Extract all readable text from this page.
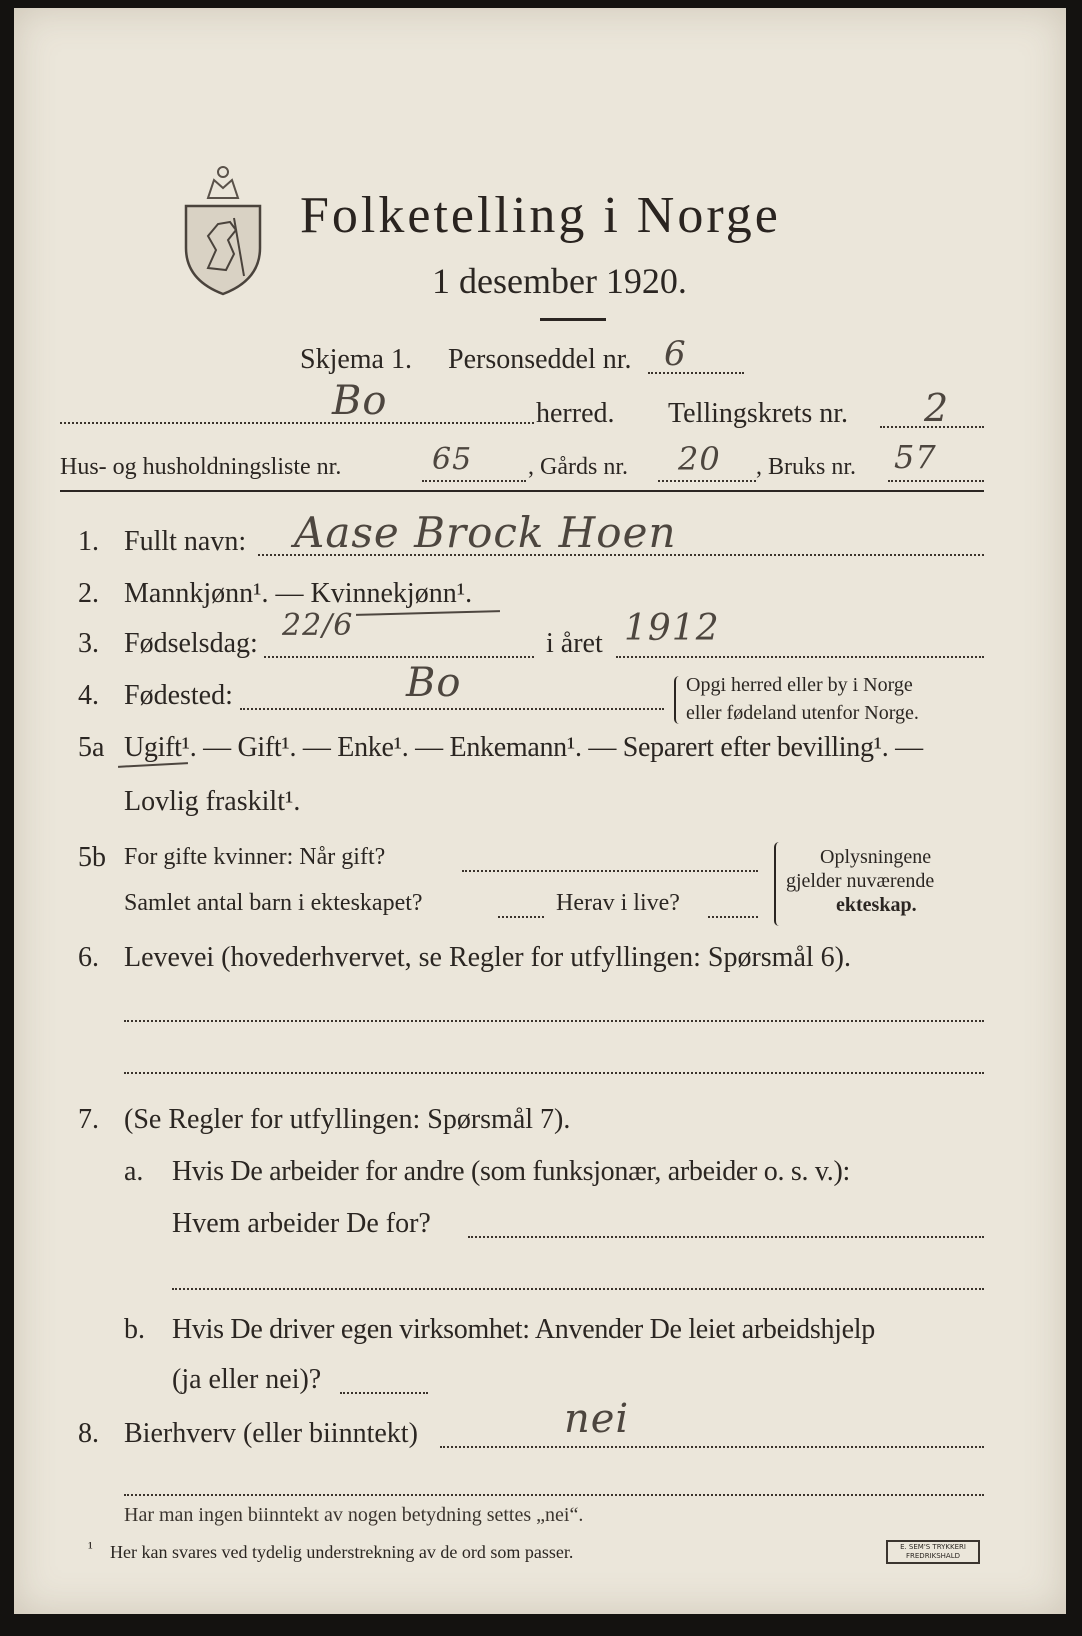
Folketelling i Norge
1 desember 1920.
Skjema 1. Personseddel nr. 6
Bo	herred. Tellingskrets nr. 2
Hus- og husholdningsliste nr.	65 , Gårds nr. 20 , Bruks nr. 57
1. Fullt navn: Aase Brock Hoen
2. Mannkjønn¹. — Kvinnekjønn¹.
3. Fødselsdag:
22/6
i året 1912
4. Fødested:	Bo	Opgi herred eller by i Norge
eller fødeland utenfor Norge.
5a Ugift¹. — Gift¹. — Enke¹. — Enkemann¹. — Separert efter bevilling¹. —
Lovlig fraskilt¹.
5b For gifte kvinner: Når gift?
Samlet antal barn i ekteskapet?	Herav i live?
Oplysningene
gjelder nuværende
ekteskap.
6. Levevei (hovederhvervet, se Regler for utfyllingen: Spørsmål 6).
7. (Se Regler for utfyllingen: Spørsmål 7).
a. Hvis De arbeider for andre (som funksjonær, arbeider o. s. v.):
Hvem arbeider De for?
b. Hvis De driver egen virksomhet: Anvender De leiet arbeidshjelp
(ja eller nei)?
8. Bierhverv (eller biinntekt)	nei
Har man ingen biinntekt av nogen betydning settes „nei“.
¹ Her kan svares ved tydelig understrekning av de ord som passer.	E. SEM'S TRYKKERI FREDRIKSHALD
